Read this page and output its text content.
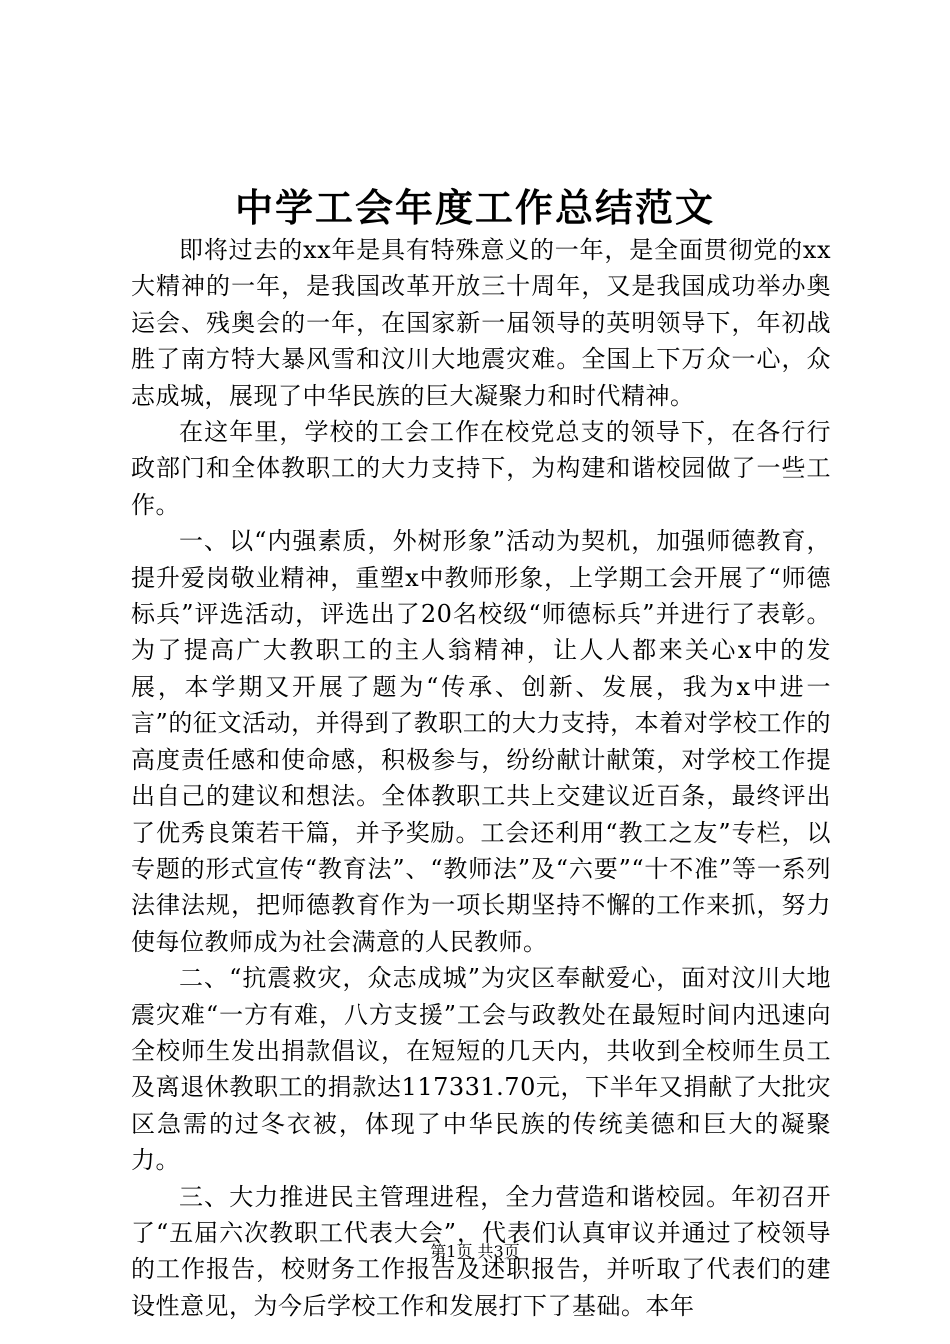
中学工会年度工作总结范文

即将过去的xx年是具有特殊意义的一年，是全面贯彻党的xx大精神的一年，是我国改革开放三十周年，又是我国成功举办奥运会、残奥会的一年，在国家新一届领导的英明领导下，年初战胜了南方特大暴风雪和汶川大地震灾难。全国上下万众一心，众志成城，展现了中华民族的巨大凝聚力和时代精神。

在这年里，学校的工会工作在校党总支的领导下，在各行行政部门和全体教职工的大力支持下，为构建和谐校园做了一些工作。

一、以“内强素质，外树形象”活动为契机，加强师德教育，提升爱岗敬业精神，重塑x中教师形象，上学期工会开展了“师德标兵”评选活动，评选出了20名校级“师德标兵”并进行了表彰。为了提高广大教职工的主人翁精神，让人人都来关心x中的发展，本学期又开展了题为“传承、创新、发展，我为x中进一言”的征文活动，并得到了教职工的大力支持，本着对学校工作的高度责任感和使命感，积极参与，纷纷献计献策，对学校工作提出自己的建议和想法。全体教职工共上交建议近百条，最终评出了优秀良策若干篇，并予奖励。工会还利用“教工之友”专栏，以专题的形式宣传“教育法”、“教师法”及“六要”“十不准”等一系列法律法规，把师德教育作为一项长期坚持不懈的工作来抓，努力使每位教师成为社会满意的人民教师。

二、“抗震救灾，众志成城”为灾区奉献爱心，面对汶川大地震灾难“一方有难，八方支援”工会与政教处在最短时间内迅速向全校师生发出捐款倡议，在短短的几天内，共收到全校师生员工及离退休教职工的捐款达117331.70元，下半年又捐献了大批灾区急需的过冬衣被，体现了中华民族的传统美德和巨大的凝聚力。

三、大力推进民主管理进程，全力营造和谐校园。年初召开了“五届六次教职工代表大会”，代表们认真审议并通过了校领导的工作报告，校财务工作报告及述职报告，并听取了代表们的建设性意见，为今后学校工作和发展打下了基础。本年

第1页 共3页
